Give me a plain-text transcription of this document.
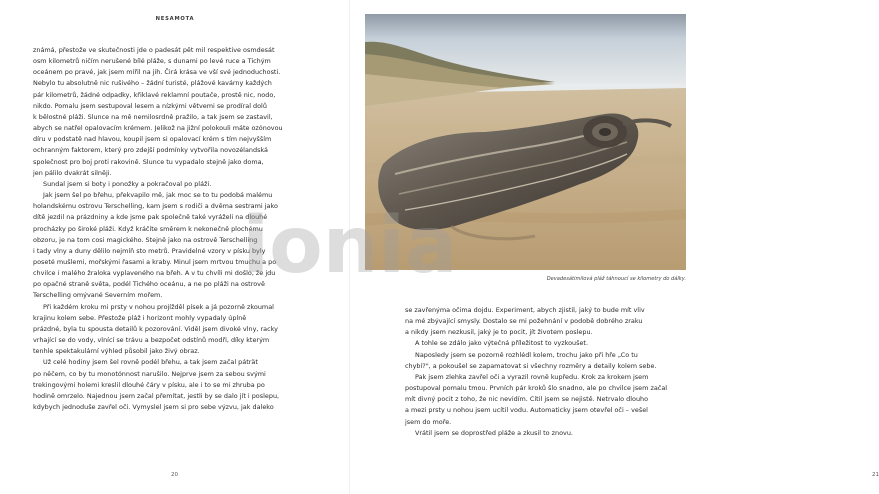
NESAMOTA

známá, přestože ve skutečnosti jde o padesát pět mil respektive osmdesát

osm kilometrů ničím nerušené bílé pláže, s dunami po levé ruce a Tichým

oceánem po pravé, jak jsem mířil na jih. Čirá krása ve vší své jednoduchosti.

Nebylo tu absolutně nic rušivého – žádní turisté, plážové kavárny každých

pár kilometrů, žádné odpadky, křiklavé reklamní poutače, prostě nic, nodo,

nikdo. Pomalu jsem sestupoval lesem a nízkými větvemi se prodíral dolů

k bělostné pláži. Slunce na mě nemilosrdně pražilo, a tak jsem se zastavil,

abych se natřel opalovacím krémem. Jelikož na jižní polokouli máte ozónovou

díru v podstatě nad hlavou, koupil jsem si opalovací krém s tím nejvyšším

ochranným faktorem, který pro zdejší podmínky vytvořila novozélandská

společnost pro boj proti rakovině. Slunce tu vypadalo stejně jako doma,

jen pálilo dvakrát silněji.

Sundal jsem si boty i ponožky a pokračoval po pláži.

Jak jsem šel po břehu, překvapilo mě, jak moc se to tu podobá malému

holandskému ostrovu Terschelling, kam jsem s rodiči a dvěma sestrami jako

dítě jezdil na prázdniny a kde jsme pak společně také vyráželi na dlouhé

procházky po široké pláži. Když kráčíte směrem k nekonečně plochému

obzoru, je na tom cosi magického. Stejně jako na ostrově Terschelling

i tady vlny a duny dělilo nejmíň sto metrů. Pravidelné vzory v písku byly

poseté mušlemi, mořskými řasami a kraby. Minul jsem mrtvou tmuchu a po

chvilce i malého žraloka vyplaveného na břeh. A v tu chvíli mi došlo, že jdu

po opačné straně světa, podél Tichého oceánu, a ne po pláži na ostrově

Terschelling omývané Severním mořem.

Při každém kroku mi prsty v nohou projížděl písek a já pozorně zkoumal

krajinu kolem sebe. Přestože pláž i horizont mohly vypadaly úplně

prázdné, byla tu spousta detailů k pozorování. Viděl jsem divoké vlny, racky

vrhající se do vody, vlnící se trávu a bezpočet odstínů modři, díky kterým

tenhle spektakulární výhled působil jako živý obraz.

Už celé hodiny jsem šel rovně podél břehu, a tak jsem začal páträt

po něčem, co by tu monotónnost narušilo. Nejprve jsem za sebou svými

trekingovými holemi kreslil dlouhé čáry v písku, ale i to se mi zhruba po

hodině omrzelo. Najednou jsem začal přemítat, jestli by se dalo jít i poslepu,

kdybych jednoduše zavřel oči. Vymyslel jsem si pro sebe výzvu, jak daleko

20	21
Devadesátimílová pláž táhnoucí se kilometry do dálky.

se zavřenýma očima dojdu. Experiment, abych zjistil, jaký to bude mít vliv

na mé zbývající smysly. Dostalo se mi požehnání v podobě dobrého zraku

a nikdy jsem nezkusil, jaký je to pocit, jít životem poslepu.

A tohle se zdálo jako výtečná příležitost to vyzkoušet.

Naposledy jsem se pozorně rozhlédl kolem, trochu jako při hře „Co tu

chybí?", a pokoušel se zapamatovat si všechny rozměry a detaily kolem sebe.

Pak jsem zlehka zavřel oči a vyrazil rovně kupředu. Krok za krokem jsem

postupoval pomalu tmou. Prvních pár kroků šlo snadno, ale po chvilce jsem začal

mít divný pocit z toho, že nic nevidím. Cítil jsem se nejistě. Netrvalo dlouho

a mezi prsty u nohou jsem ucítil vodu. Automaticky jsem otevřel oči – vešel

jsem do moře.

Vrátil jsem se doprostřed pláže a zkusil to znovu.

ionia
